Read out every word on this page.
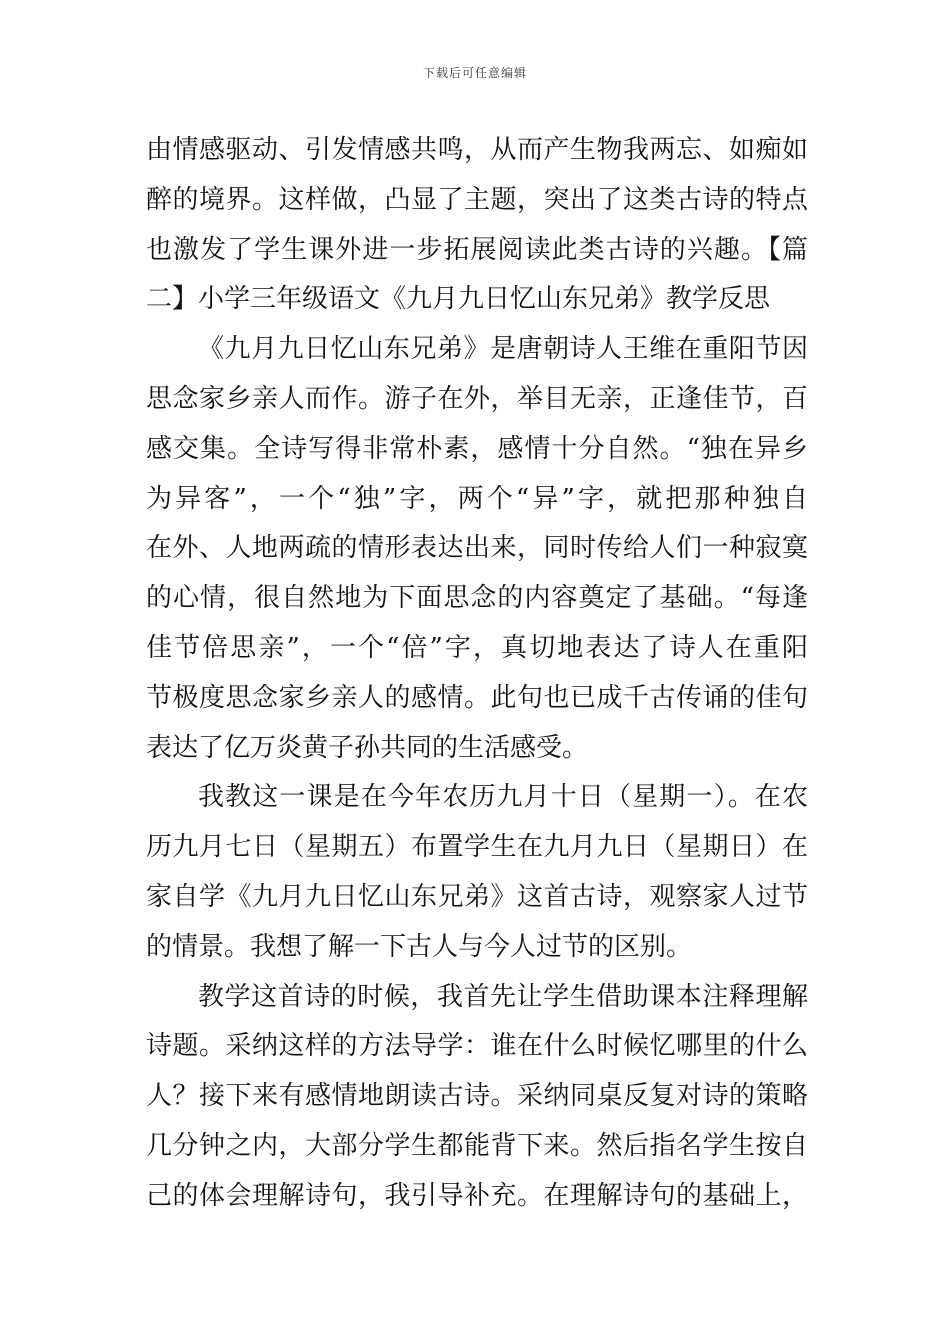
下载后可任意编辑
由情感驱动、引发情感共鸣，从而产生物我两忘、如痴如
醉的境界。这样做，凸显了主题，突出了这类古诗的特点
也激发了学生课外进一步拓展阅读此类古诗的兴趣。【篇
二】小学三年级语文《九月九日忆山东兄弟》教学反思
《九月九日忆山东兄弟》是唐朝诗人王维在重阳节因
思念家乡亲人而作。游子在外，举目无亲，正逢佳节，百
感交集。全诗写得非常朴素，感情十分自然。“独在异乡
为异客”，一个“独”字，两个“异”字，就把那种独自
在外、人地两疏的情形表达出来，同时传给人们一种寂寞
的心情，很自然地为下面思念的内容奠定了基础。“每逢
佳节倍思亲”，一个“倍”字，真切地表达了诗人在重阳
节极度思念家乡亲人的感情。此句也已成千古传诵的佳句
表达了亿万炎黄子孙共同的生活感受。
我教这一课是在今年农历九月十日（星期一）。在农
历九月七日（星期五）布置学生在九月九日（星期日）在
家自学《九月九日忆山东兄弟》这首古诗，观察家人过节
的情景。我想了解一下古人与今人过节的区别。
教学这首诗的时候，我首先让学生借助课本注释理解
诗题。采纳这样的方法导学：谁在什么时候忆哪里的什么
人？接下来有感情地朗读古诗。采纳同桌反复对诗的策略
几分钟之内，大部分学生都能背下来。然后指名学生按自
己的体会理解诗句，我引导补充。在理解诗句的基础上，
